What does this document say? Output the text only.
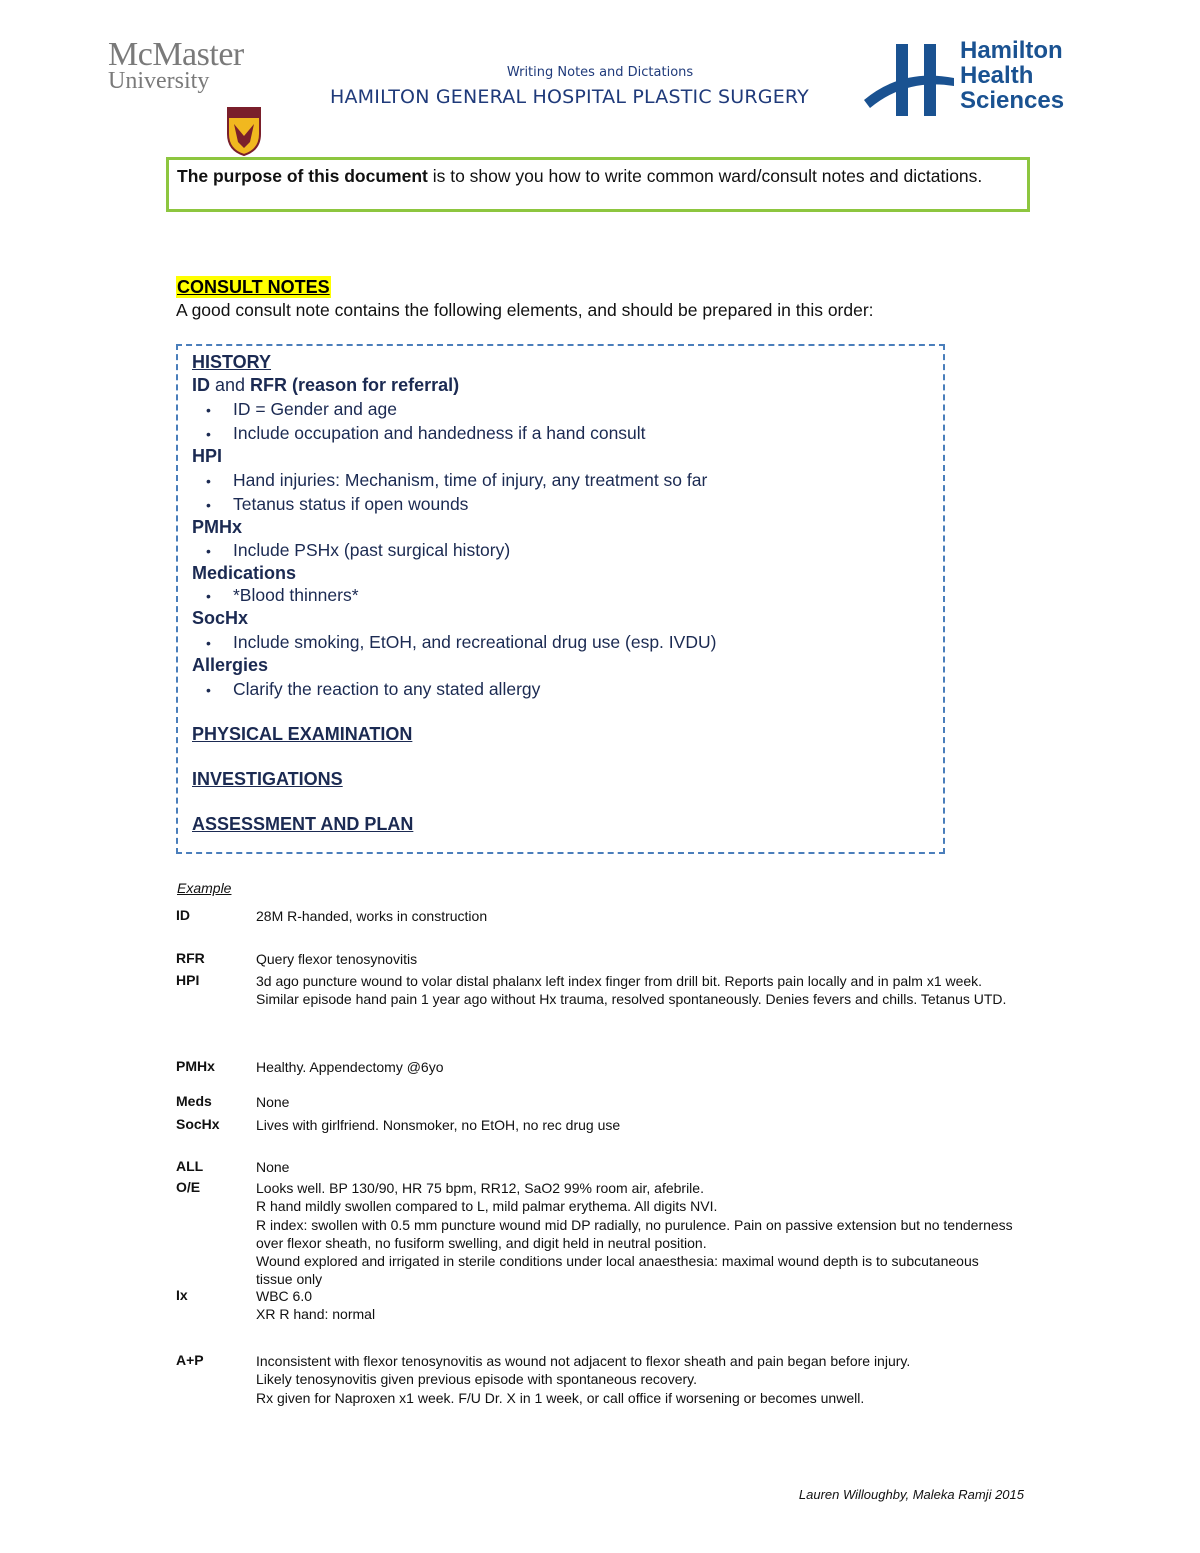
McMaster
University	Writing Notes and Dictations
HAMILTON GENERAL HOSPITAL PLASTIC SURGERY
Hamilton
Health
Sciences
The purpose of this document is to show you how to write common ward/consult notes and dictations.
CONSULT NOTES
A good consult note contains the following elements, and should be prepared in this order:
HISTORY
ID and RFR (reason for referral)
• ID = Gender and age
• Include occupation and handedness if a hand consult
HPI
• Hand injuries: Mechanism, time of injury, any treatment so far
• Tetanus status if open wounds
PMHx
• Include PSHx (past surgical history)
Medications
• *Blood thinners*
SocHx
• Include smoking, EtOH, and recreational drug use (esp. IVDU)
Allergies
• Clarify the reaction to any stated allergy
PHYSICAL EXAMINATION
INVESTIGATIONS
ASSESSMENT AND PLAN
Example
ID	28M R-handed, works in construction
RFR	Query flexor tenosynovitis
HPI	3d ago puncture wound to volar distal phalanx left index finger from drill bit. Reports pain locally and in palm x1 week. Similar episode hand pain 1 year ago without Hx trauma, resolved spontaneously. Denies fevers and chills. Tetanus UTD.
PMHx	Healthy. Appendectomy @6yo
Meds	None
SocHx	Lives with girlfriend. Nonsmoker, no EtOH, no rec drug use
ALL	None
O/E	Looks well. BP 130/90, HR 75 bpm, RR12, SaO2 99% room air, afebrile.
R hand mildly swollen compared to L, mild palmar erythema. All digits NVI.
R index: swollen with 0.5 mm puncture wound mid DP radially, no purulence. Pain on passive extension but no tenderness over flexor sheath, no fusiform swelling, and digit held in neutral position.
Wound explored and irrigated in sterile conditions under local anaesthesia: maximal wound depth is to subcutaneous tissue only
Ix	WBC 6.0
XR R hand: normal
A+P	Inconsistent with flexor tenosynovitis as wound not adjacent to flexor sheath and pain began before injury.
Likely tenosynovitis given previous episode with spontaneous recovery.
Rx given for Naproxen x1 week. F/U Dr. X in 1 week, or call office if worsening or becomes unwell.
Lauren Willoughby, Maleka Ramji 2015
